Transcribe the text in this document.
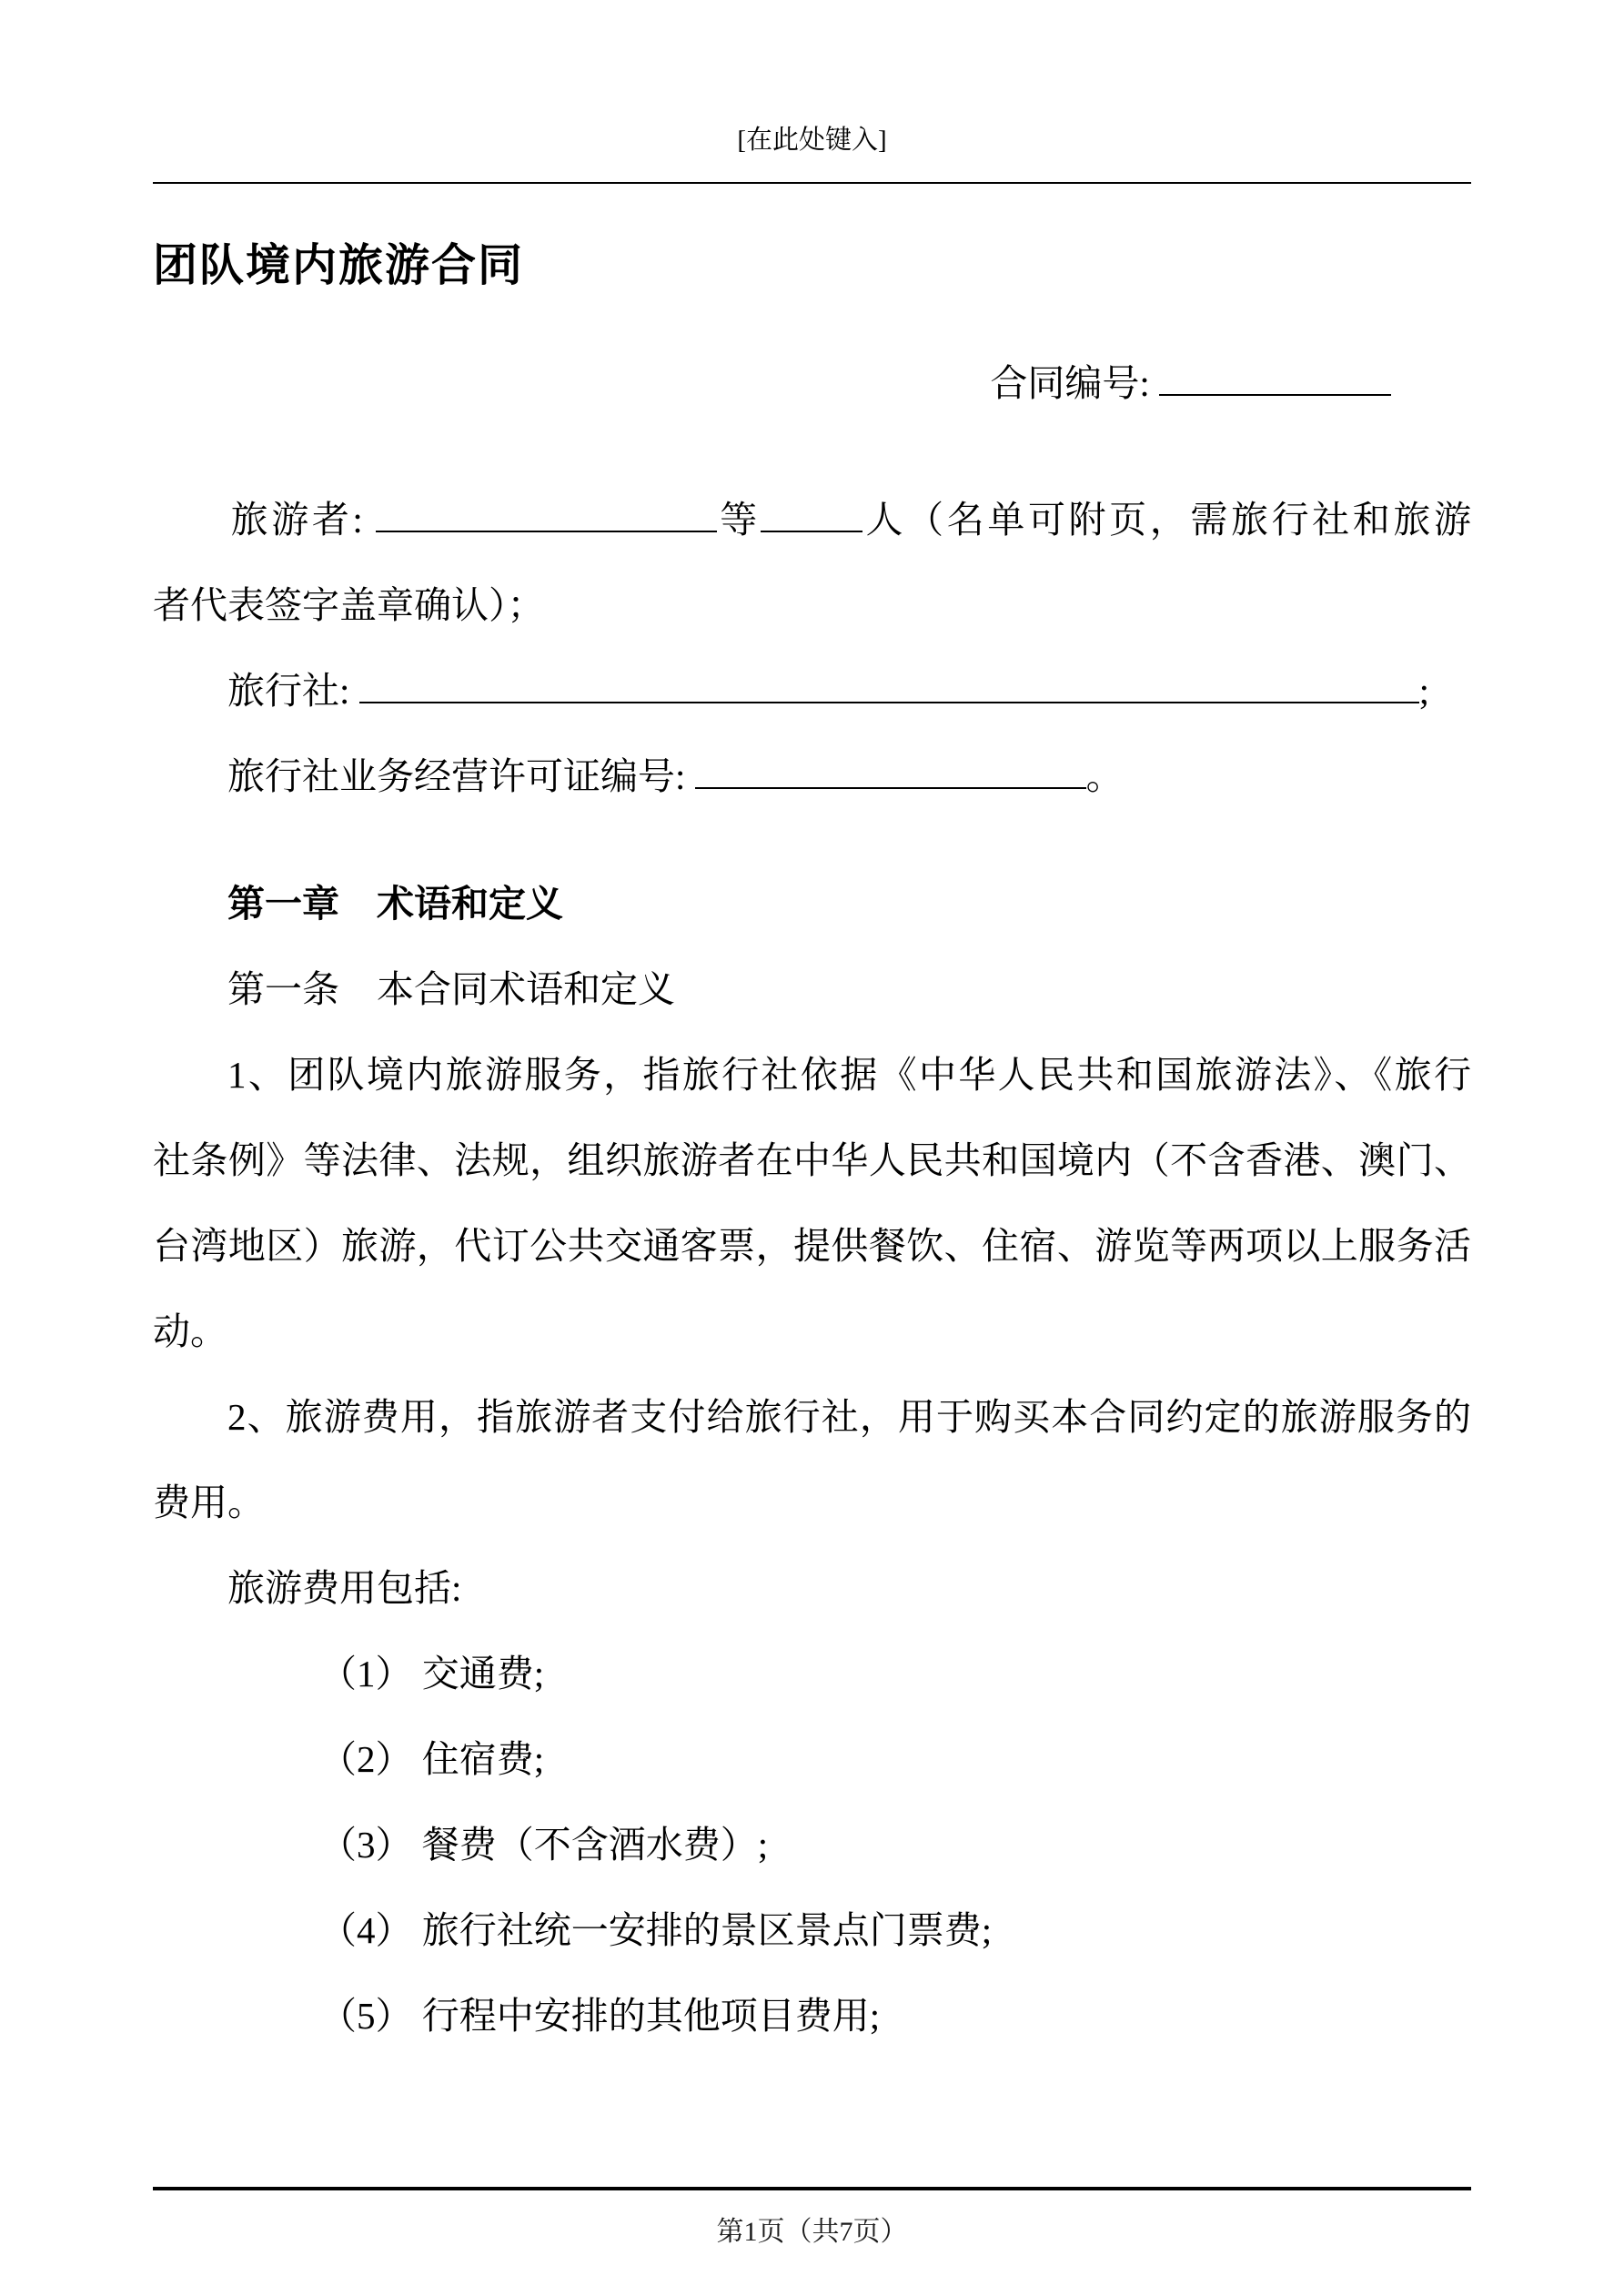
[在此处键入]
团队境内旅游合同
合同编号:
旅游者:	等	人（名单可附页，需旅行社和旅游
者代表签字盖章确认）；
旅行社:	;
旅行社业务经营许可证编号:	。
第一章　术语和定义
第一条　本合同术语和定义
1、团队境内旅游服务，指旅行社依据《中华人民共和国旅游法》、《旅行
社条例》等法律、法规，组织旅游者在中华人民共和国境内（不含香港、澳门、
台湾地区）旅游，代订公共交通客票，提供餐饮、住宿、游览等两项以上服务活
动。
2、旅游费用，指旅游者支付给旅行社，用于购买本合同约定的旅游服务的
费用。
旅游费用包括:
（1） 交通费;
（2） 住宿费;
（3） 餐费（不含酒水费）;
（4） 旅行社统一安排的景区景点门票费;
（5） 行程中安排的其他项目费用;
第1页（共7页）
